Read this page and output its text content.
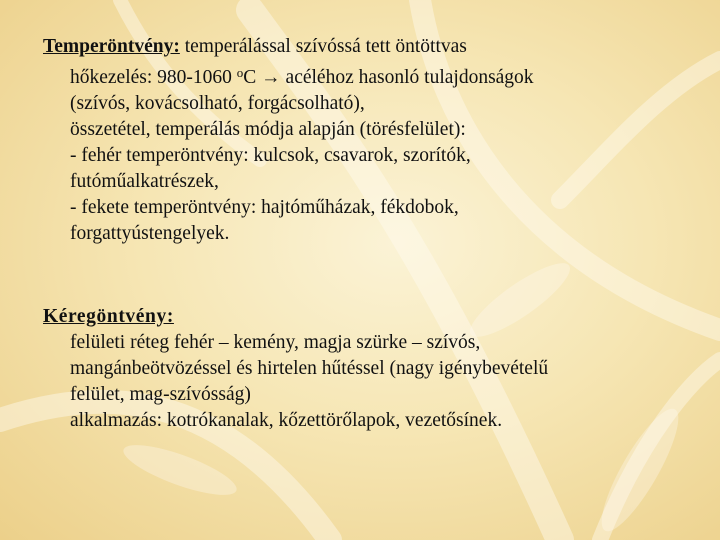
Temperöntvény: temperálással szívóssá tett öntöttvas
hőkezelés: 980-1060 $^o$C → acéléhoz hasonló tulajdonságok
(szívós, kovácsolható, forgácsolható),
összetétel, temperálás módja alapján (törésfelület):
- fehér temperöntvény: kulcsok, csavarok, szorítók,
futóműalkatrészek,
- fekete temperöntvény: hajtóműházak, fékdobok,
forgattyústengelyek.
Kéregöntvény:
felületi réteg fehér – kemény, magja szürke – szívós,
mangánbeötvözéssel és hirtelen hűtéssel (nagy igénybevételű
felület, mag-szívósság)
alkalmazás: kotrókanalak, kőzettörőlapok, vezetősínek.
